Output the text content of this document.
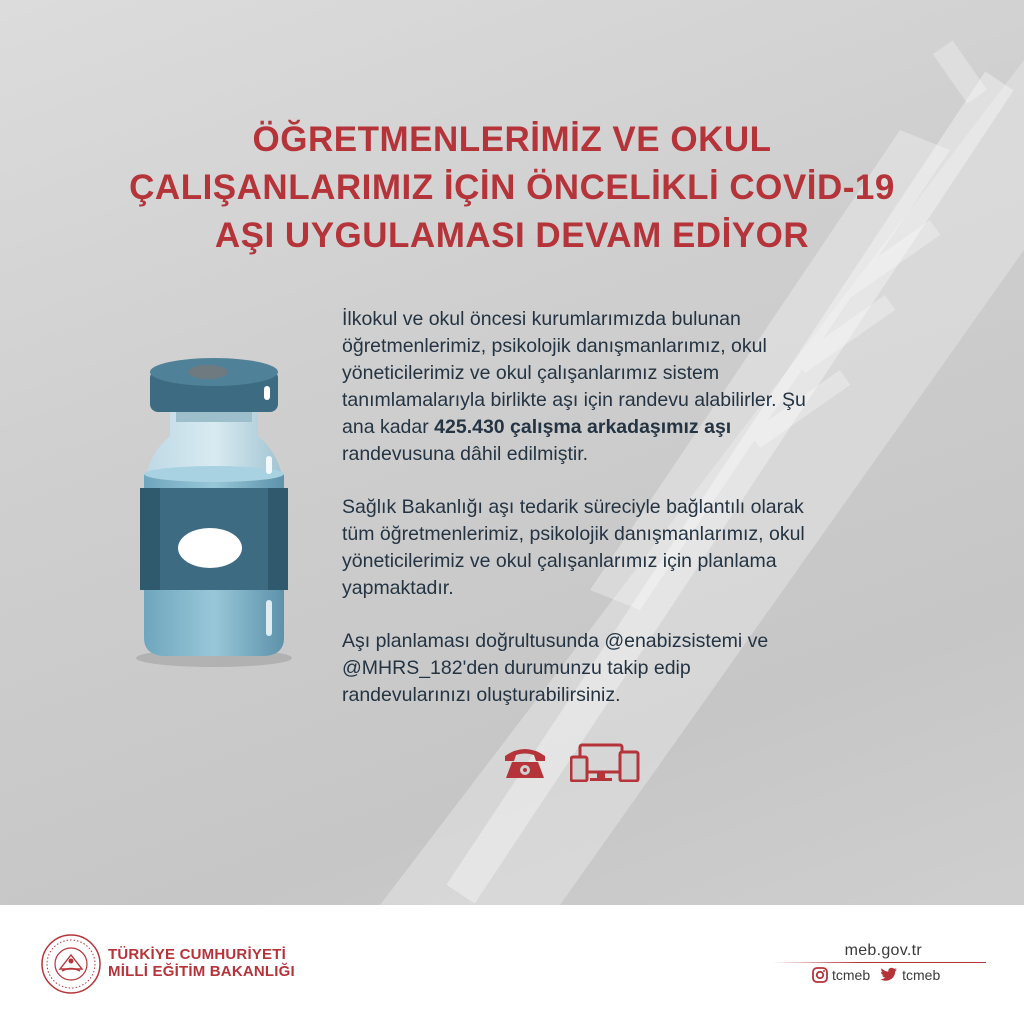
ÖĞRETMENLERİMİZ VE OKUL
ÇALIŞANLARIMIZ İÇİN ÖNCELİKLİ COVİD-19
AŞI UYGULAMASI DEVAM EDİYOR

İlkokul ve okul öncesi kurumlarımızda bulunan öğretmenlerimiz, psikolojik danışmanlarımız, okul yöneticilerimiz ve okul çalışanlarımız sistem tanımlamalarıyla birlikte aşı için randevu alabilirler. Şu ana kadar 425.430 çalışma arkadaşımız aşı randevusuna dâhil edilmiştir.

Sağlık Bakanlığı aşı tedarik süreciyle bağlantılı olarak tüm öğretmenlerimiz, psikolojik danışmanlarımız, okul yöneticilerimiz ve okul çalışanlarımız için planlama yapmaktadır.

Aşı planlaması doğrultusunda @enabizsistemi ve @MHRS_182'den durumunzu takip edip randevularınızı oluşturabilirsiniz.

TÜRKİYE CUMHURİYETİ
MİLLİ EĞİTİM BAKANLIĞI
meb.gov.tr
tcmeb tcmeb
